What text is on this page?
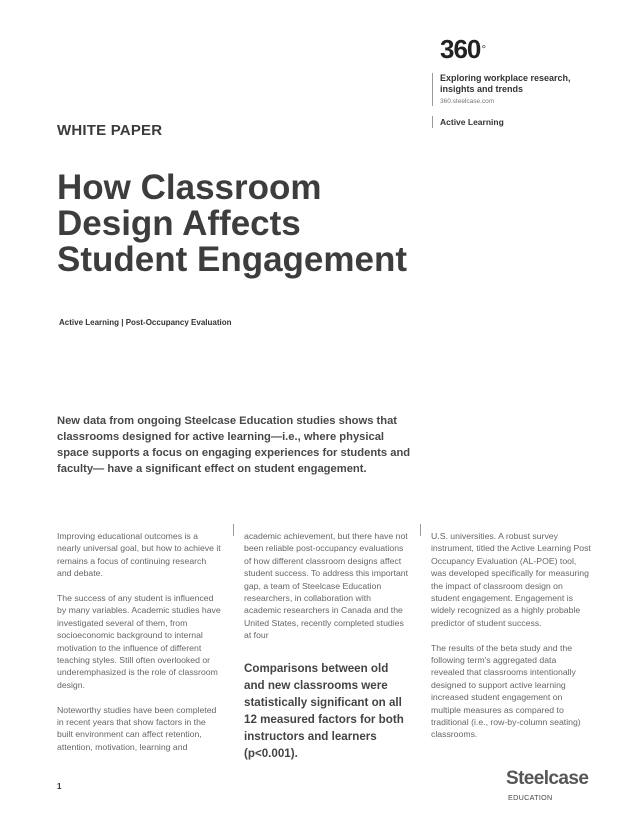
360°
Exploring workplace research, insights and trends
360.steelcase.com
Active Learning
WHITE PAPER
How Classroom Design Affects Student Engagement
Active Learning | Post-Occupancy Evaluation

New data from ongoing Steelcase Education studies shows that classrooms designed for active learning—i.e., where physical space supports a focus on engaging experiences for students and faculty— have a significant effect on student engagement.

Improving educational outcomes is a nearly universal goal, but how to achieve it remains a focus of continuing research and debate.

The success of any student is influenced by many variables. Academic studies have investigated several of them, from socioeconomic background to internal motivation to the influence of different teaching styles. Still often overlooked or underemphasized is the role of classroom design.

Noteworthy studies have been completed in recent years that show factors in the built environment can affect retention, attention, motivation, learning and

academic achievement, but there have not been reliable post-occupancy evaluations of how different classroom designs affect student success. To address this important gap, a team of Steelcase Education researchers, in collaboration with academic researchers in Canada and the United States, recently completed studies at four

Comparisons between old and new classrooms were statistically significant on all 12 measured factors for both instructors and learners (p<0.001).

U.S. universities. A robust survey instrument, titled the Active Learning Post Occupancy Evaluation (AL-POE) tool, was developed specifically for measuring the impact of classroom design on student engagement. Engagement is widely recognized as a highly probable predictor of student success.

The results of the beta study and the following term's aggregated data revealed that classrooms intentionally designed to support active learning increased student engagement on multiple measures as compared to traditional (i.e., row-by-column seating) classrooms.

1	Steelcase
EDUCATION
